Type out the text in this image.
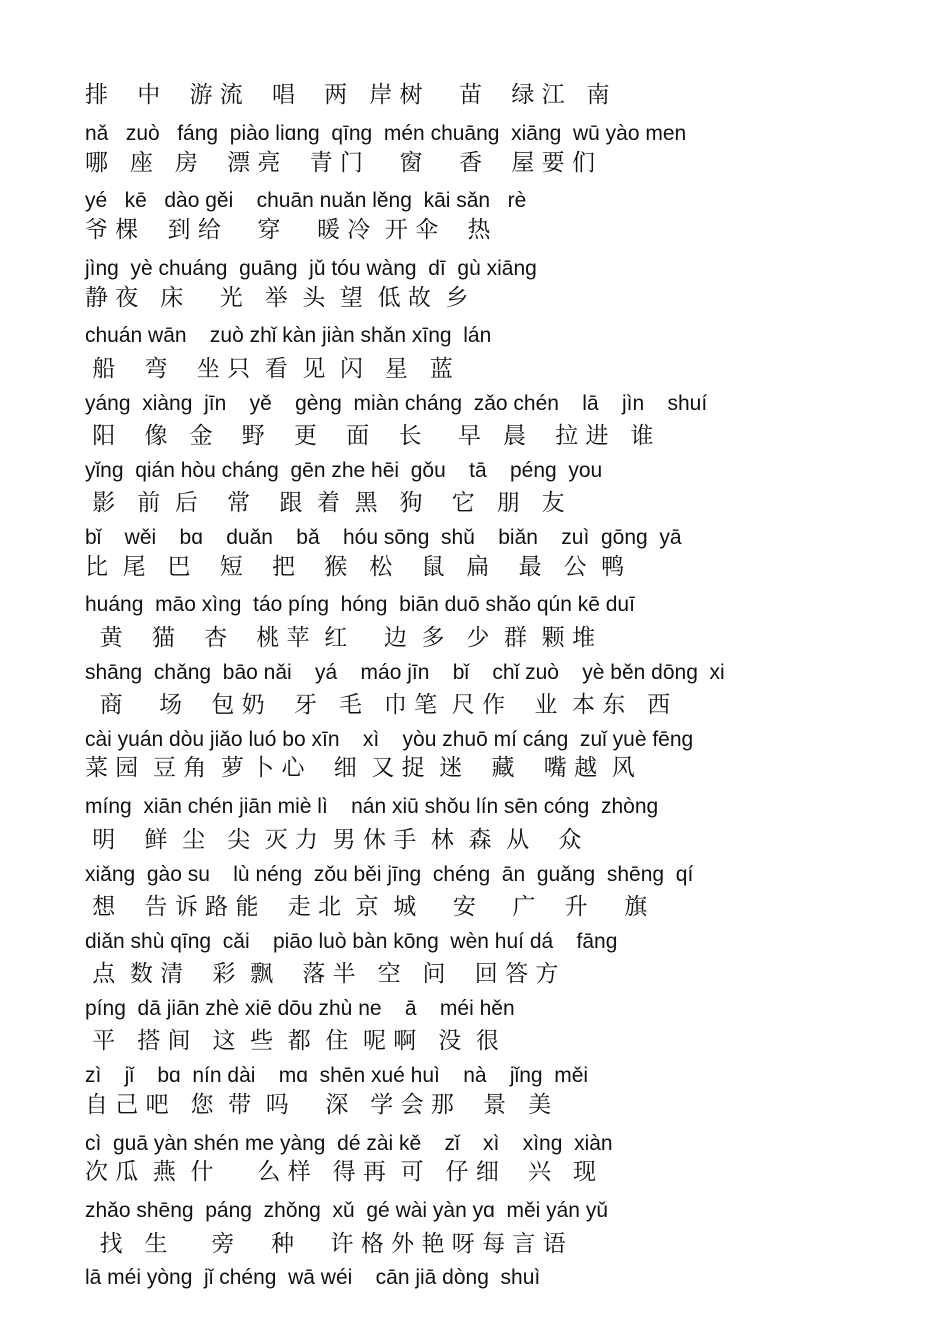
排    中    游 流    唱    两   岸 树     苗    绿 江   南
nǎ   zuò   fánɡ  piào liɑnɡ  qīnɡ  mén chuānɡ  xiānɡ  wū yào men
哪   座   房    漂 亮    青 门     窗     香    屋 要 们
yé   kē   dào ɡěi    chuān nuǎn lěnɡ  kāi sǎn   rè
爷 棵    到 给     穿     暖 冷  开 伞    热
jìnɡ  yè chuánɡ  ɡuānɡ  jǔ tóu wànɡ  dī  ɡù xiānɡ
静 夜   床     光   举  头  望  低 故  乡
chuán wān    zuò zhǐ kàn jiàn shǎn xīnɡ  lán
船    弯    坐 只  看  见  闪   星   蓝
yánɡ  xiànɡ  jīn    yě    ɡènɡ  miàn chánɡ  zǎo chén    lā    jìn    shuí
阳    像   金    野    更    面    长     早   晨    拉 进   谁
yǐnɡ  qián hòu chánɡ  ɡēn zhe hēi  ɡǒu    tā    pénɡ  you
影   前  后    常    跟  着  黑   狗    它   朋   友
bǐ    wěi    bɑ    duǎn    bǎ    hóu sōnɡ  shǔ    biǎn    zuì  ɡōnɡ  yā
比  尾   巴    短    把    猴   松    鼠   扁    最   公  鸭
huánɡ  māo xìnɡ  táo pínɡ  hónɡ  biān duō shǎo qún kē duī
黄    猫    杏    桃 苹  红     边  多   少  群  颗 堆
shānɡ  chǎnɡ  bāo nǎi    yá    máo jīn    bǐ    chǐ zuò    yè běn dōnɡ  xi
商     场    包 奶    牙   毛   巾 笔  尺 作    业  本 东   西
cài yuán dòu jiǎo luó bo xīn    xì    yòu zhuō mí cánɡ  zuǐ yuè fēnɡ
菜 园  豆 角  萝 卜 心    细  又 捉  迷    藏    嘴 越  风
mínɡ  xiān chén jiān miè lì    nán xiū shǒu lín sēn cónɡ  zhònɡ
明    鲜  尘   尖  灭 力  男 休 手  林  森  从    众
xiǎnɡ  ɡào su    lù nénɡ  zǒu běi jīnɡ  chénɡ  ān  ɡuǎnɡ  shēnɡ  qí
想    告 诉 路 能    走 北  京  城     安     广    升     旗
diǎn shù qīnɡ  cǎi    piāo luò bàn kōnɡ  wèn huí dá    fānɡ
点  数 清    彩  飘    落 半   空   问    回 答 方
pínɡ  dā jiān zhè xiē dōu zhù ne    ā    méi hěn
平   搭 间   这  些  都  住  呢 啊   没  很
zì    jǐ    bɑ  nín dài    mɑ  shēn xué huì    nà    jǐnɡ  měi
自 己 吧   您  带  吗     深   学 会 那    景   美
cì  ɡuā yàn shén me yànɡ  dé zài kě    zǐ    xì    xìnɡ  xiàn
次 瓜  燕  什      么 样   得 再  可   仔 细    兴   现
zhǎo shēnɡ  pánɡ  zhǒnɡ  xǔ  ɡé wài yàn yɑ  měi yán yǔ
找   生      旁     种     许 格 外 艳 呀 每 言 语
lā méi yònɡ  jǐ chénɡ  wā wéi    cān jiā dònɡ  shuì
